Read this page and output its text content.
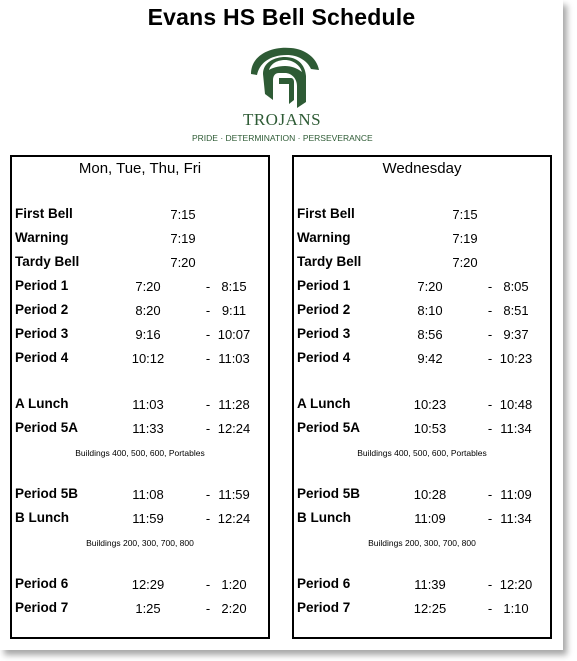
Evans HS Bell Schedule
TROJANS
PRIDE · DETERMINATION · PERSEVERANCE
Mon, Tue, Thu, Fri
First Bell	7:15
Warning	7:19
Tardy Bell	7:20
Period 1	7:20	- 8:15
Period 2	8:20	- 9:11
Period 3	9:16	- 10:07
Period 4	10:12	- 11:03
A Lunch	11:03	- 11:28
Period 5A	11:33	- 12:24
Buildings 400, 500, 600, Portables
Period 5B	11:08	- 11:59
B Lunch	11:59	- 12:24
Buildings 200, 300, 700, 800
Period 6	12:29	- 1:20
Period 7	1:25	- 2:20
Wednesday
First Bell	7:15
Warning	7:19
Tardy Bell	7:20
Period 1	7:20	- 8:05
Period 2	8:10	- 8:51
Period 3	8:56	- 9:37
Period 4	9:42	- 10:23
A Lunch	10:23	- 10:48
Period 5A	10:53	- 11:34
Buildings 400, 500, 600, Portables
Period 5B	10:28	- 11:09
B Lunch	11:09	- 11:34
Buildings 200, 300, 700, 800
Period 6	11:39	- 12:20
Period 7	12:25	- 1:10
